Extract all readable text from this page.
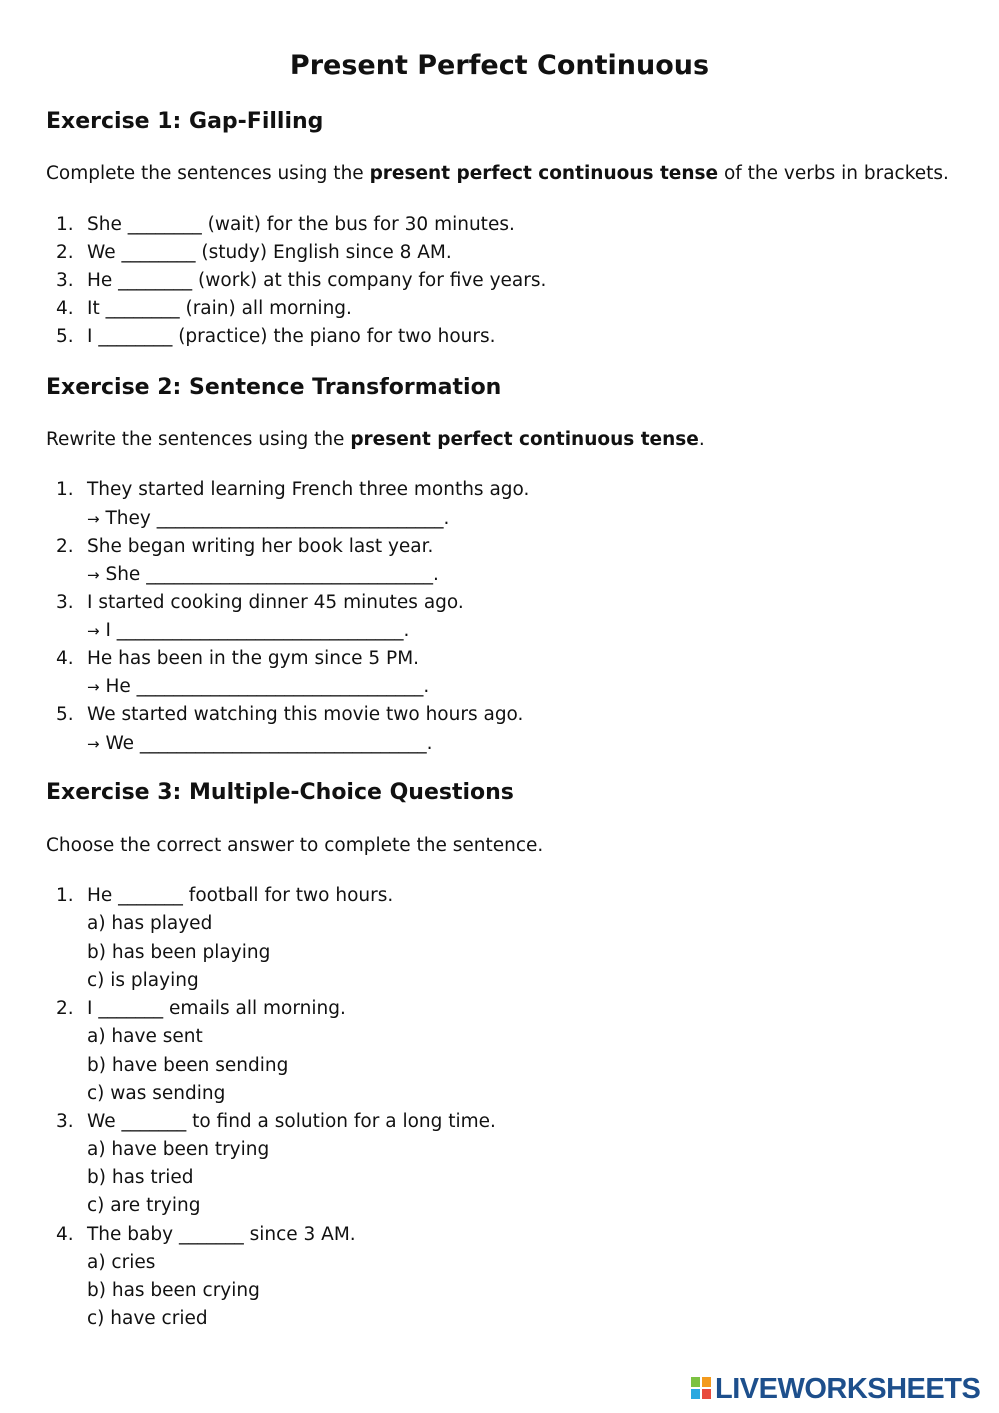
Present Perfect Continuous
Exercise 1: Gap-Filling
Complete the sentences using the present perfect continuous tense of the verbs in brackets.
1. She ________ (wait) for the bus for 30 minutes.
2. We ________ (study) English since 8 AM.
3. He ________ (work) at this company for five years.
4. It ________ (rain) all morning.
5. I ________ (practice) the piano for two hours.
Exercise 2: Sentence Transformation
Rewrite the sentences using the present perfect continuous tense.
1. They started learning French three months ago.
→ They _______________________________.
2. She began writing her book last year.
→ She _______________________________.
3. I started cooking dinner 45 minutes ago.
→ I _______________________________.
4. He has been in the gym since 5 PM.
→ He _______________________________.
5. We started watching this movie two hours ago.
→ We _______________________________.
Exercise 3: Multiple-Choice Questions
Choose the correct answer to complete the sentence.
1. He _______ football for two hours.
a) has played
b) has been playing
c) is playing
2. I _______ emails all morning.
a) have sent
b) have been sending
c) was sending
3. We _______ to find a solution for a long time.
a) have been trying
b) has tried
c) are trying
4. The baby _______ since 3 AM.
a) cries
b) has been crying
c) have cried
LIVEWORKSHEETS
